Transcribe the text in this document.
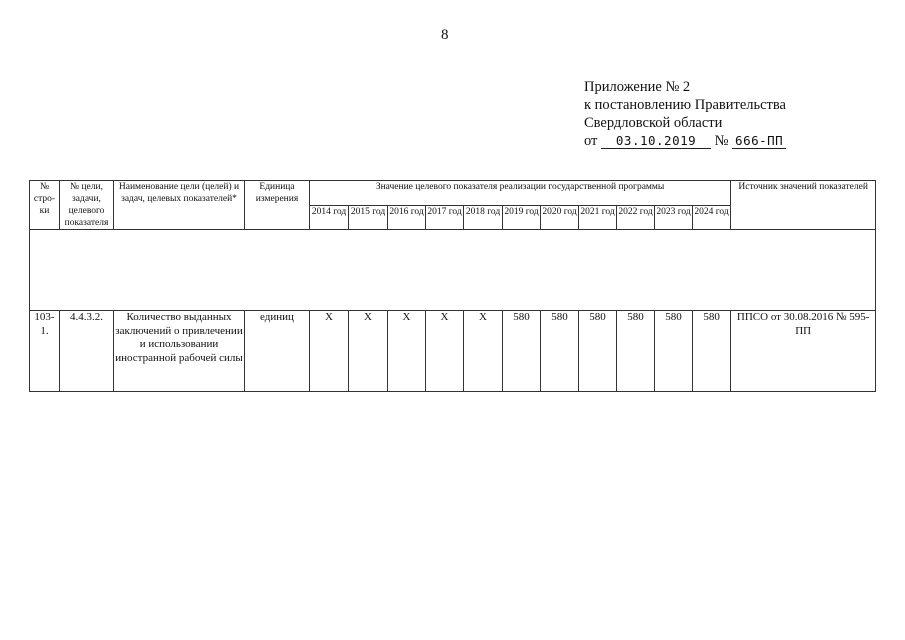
8
Приложение № 2
к постановлению Правительства
Свердловской области
от 03.10.2019 № 666-ПП
№ стро-ки	№ цели, задачи, целевого показателя	Наименование цели (целей) и задач, целевых показателей*	Единица измерения	Значение целевого показателя реализации государственной программы											Источник значений показателей
				2014 год	2015 год	2016 год	2017 год	2018 год	2019 год	2020 год	2021 год	2022 год	2023 год	2024 год	

103-1.	4.4.3.2.	Количество выданных заключений о привлечении и использовании иностранной рабочей силы	единиц	X	X	X	X	X	580	580	580	580	580	580	ППСО от 30.08.2016 № 595-ПП
